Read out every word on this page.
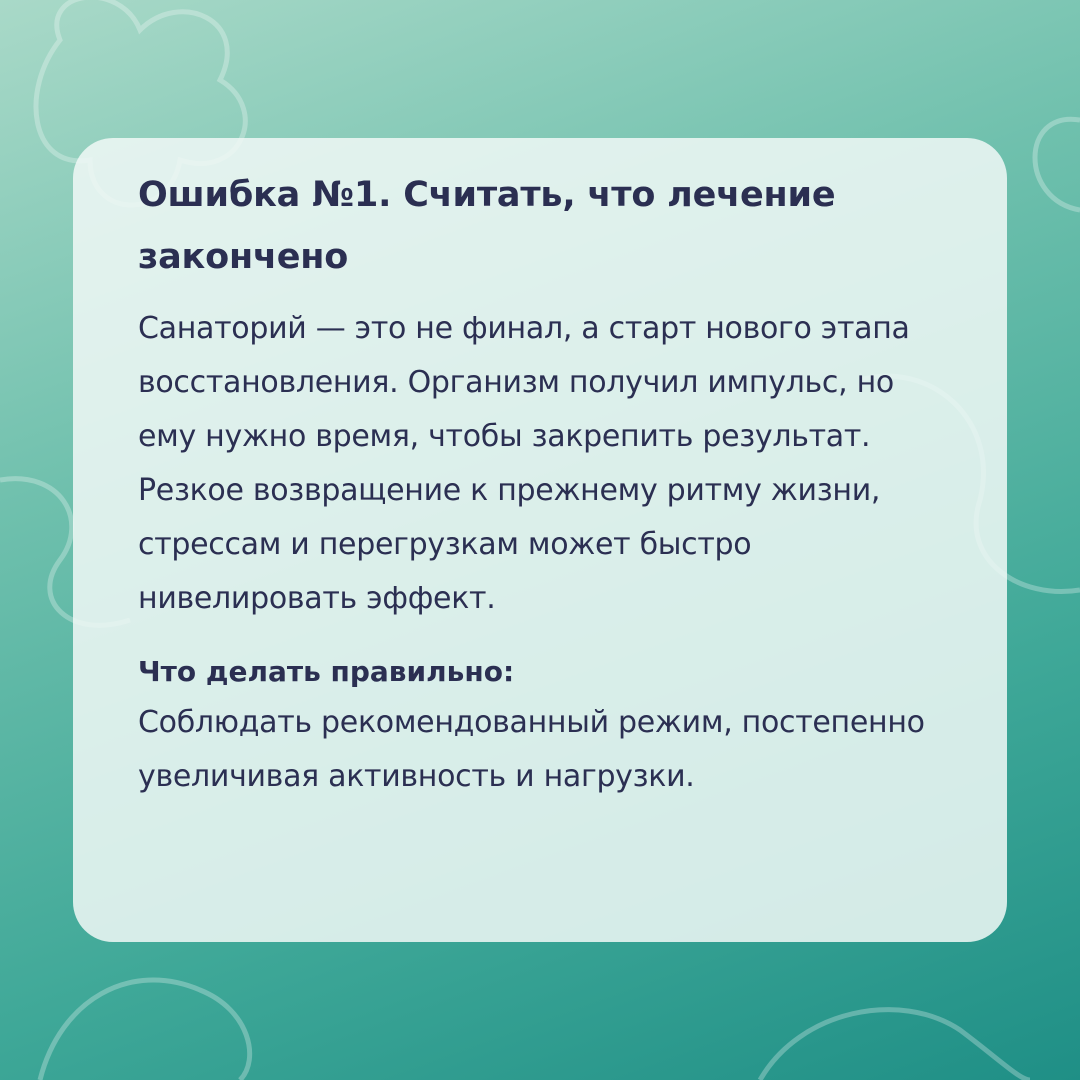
Ошибка №1. Считать, что лечение закончено

Санаторий — это не финал, а старт нового этапа восстановления. Организм получил импульс, но ему нужно время, чтобы закрепить результат. Резкое возвращение к прежнему ритму жизни, стрессам и перегрузкам может быстро нивелировать эффект.

Что делать правильно:

Соблюдать рекомендованный режим, постепенно увеличивая активность и нагрузки.
